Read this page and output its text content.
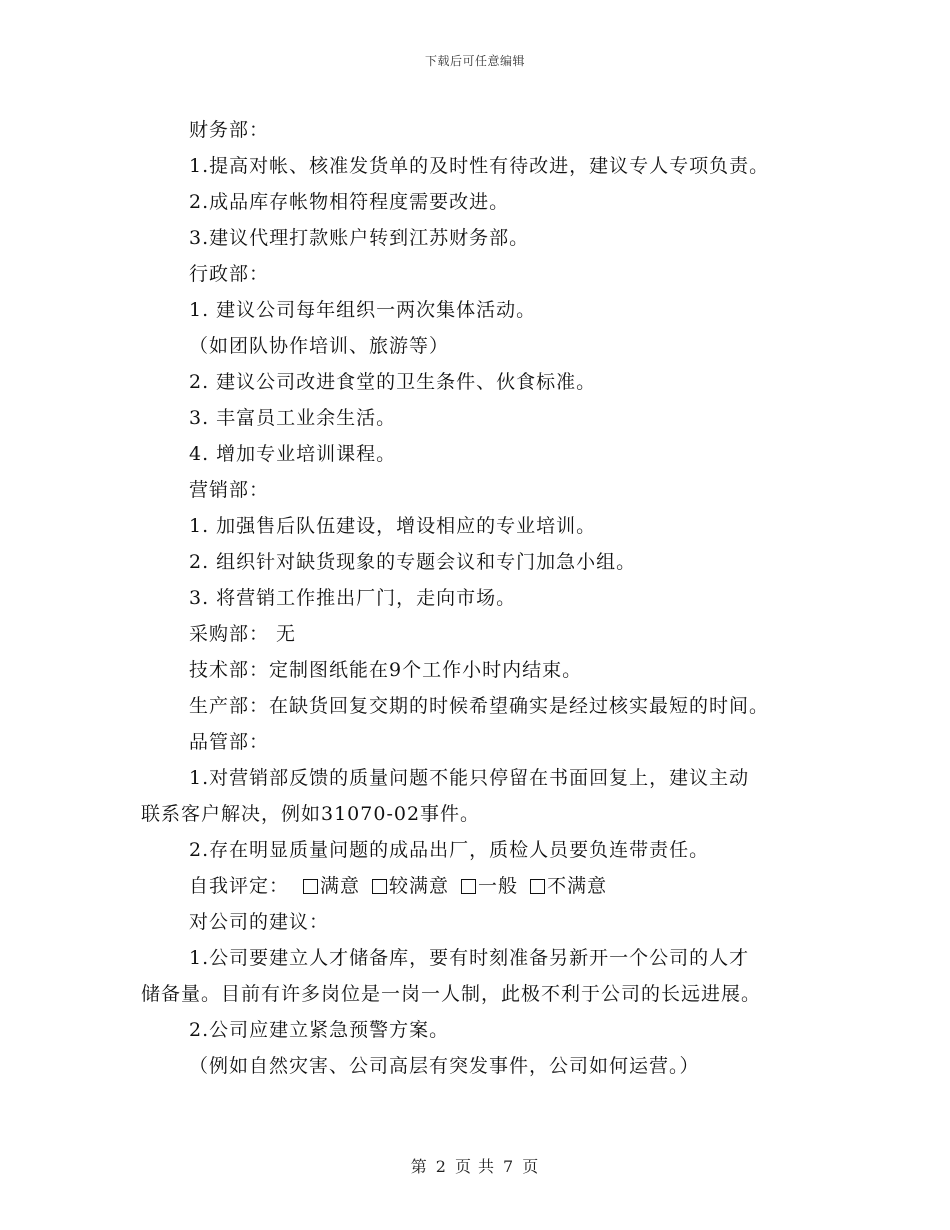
下载后可任意编辑
财务部：
1.提高对帐、核准发货单的及时性有待改进，建议专人专项负责。
2.成品库存帐物相符程度需要改进。
3.建议代理打款账户转到江苏财务部。
行政部：
1. 建议公司每年组织一两次集体活动。
（如团队协作培训、旅游等）
2. 建议公司改进食堂的卫生条件、伙食标准。
3. 丰富员工业余生活。
4. 增加专业培训课程。
营销部：
1. 加强售后队伍建设，增设相应的专业培训。
2. 组织针对缺货现象的专题会议和专门加急小组。
3. 将营销工作推出厂门，走向市场。
采购部： 无
技术部：定制图纸能在9个工作小时内结束。
生产部：在缺货回复交期的时候希望确实是经过核实最短的时间。
品管部：
1.对营销部反馈的质量问题不能只停留在书面回复上，建议主动
联系客户解决，例如31070-02事件。
2.存在明显质量问题的成品出厂，质检人员要负连带责任。
自我评定： 满意 较满意 一般 不满意
对公司的建议：
1.公司要建立人才储备库，要有时刻准备另新开一个公司的人才
储备量。目前有许多岗位是一岗一人制，此极不利于公司的长远进展。
2.公司应建立紧急预警方案。
（例如自然灾害、公司高层有突发事件，公司如何运营。）
第 2 页 共 7 页
